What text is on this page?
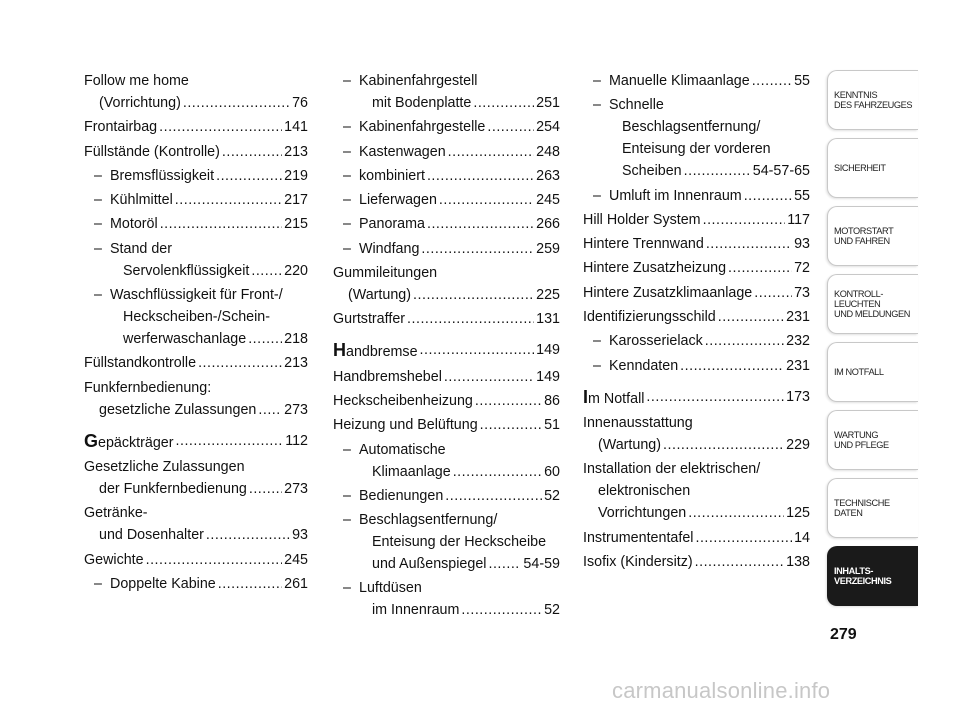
Follow me home
(Vorrichtung) .....	76
Frontairbag .....	141
Füllstände (Kontrolle) .....	213
– Bremsflüssigkeit .....	219
– Kühlmittel .....	217
– Motoröl .....	215
– Stand der
Servolenkflüssigkeit ..... 220
– Waschflüssigkeit für Front-/
Heckscheiben-/Schein-
werferwaschanlage .....	218
Füllstandkontrolle .....	213
Funkfernbedienung:
gesetzliche Zulassungen ..... 273
Gepäckträger .....	112
Gesetzliche Zulassungen
der Funkfernbedienung .....	273
Getränke-
und Dosenhalter .....	93
Gewichte .....	245
– Doppelte Kabine .....	261
– Kabinenfahrgestell
mit Bodenplatte .....	251
– Kabinenfahrgestelle .....	254
– Kastenwagen .....	248
– kombiniert .....	263
– Lieferwagen .....	245
– Panorama .....	266
– Windfang .....	259
Gummileitungen
(Wartung) .....	225
Gurtstraffer .....	131
Handbremse .....	149
Handbremshebel .....	149
Heckscheibenheizung .....	86
Heizung und Belüftung .....	51
– Automatische
Klimaanlage .....	60
– Bedienungen .....	52
– Beschlagsentfernung/
Enteisung der Heckscheibe
und Außenspiegel .....	54-59
– Luftdüsen
im Innenraum .....	52
– Manuelle Klimaanlage .....	55
– Schnelle
Beschlagsentfernung/
Enteisung der vorderen
Scheiben .....	54-57-65
– Umluft im Innenraum .....	55
Hill Holder System .....	117
Hintere Trennwand .....	93
Hintere Zusatzheizung .....	72
Hintere Zusatzklimaanlage .....	73
Identifizierungsschild .....	231
– Karosserielack .....	232
– Kenndaten .....	231
Im Notfall .....	173
Innenausstattung
(Wartung) .....	229
Installation der elektrischen/
elektronischen
Vorrichtungen .....	125
Instrumententafel .....	14
Isofix (Kindersitz) .....	138
KENNTNIS
DES FAHRZEUGES
SICHERHEIT
MOTORSTART
UND FAHREN
KONTROLL-
LEUCHTEN
UND MELDUNGEN
IM NOTFALL
WARTUNG
UND PFLEGE
TECHNISCHE
DATEN
INHALTS-
VERZEICHNIS
279
carmanualsonline.info
